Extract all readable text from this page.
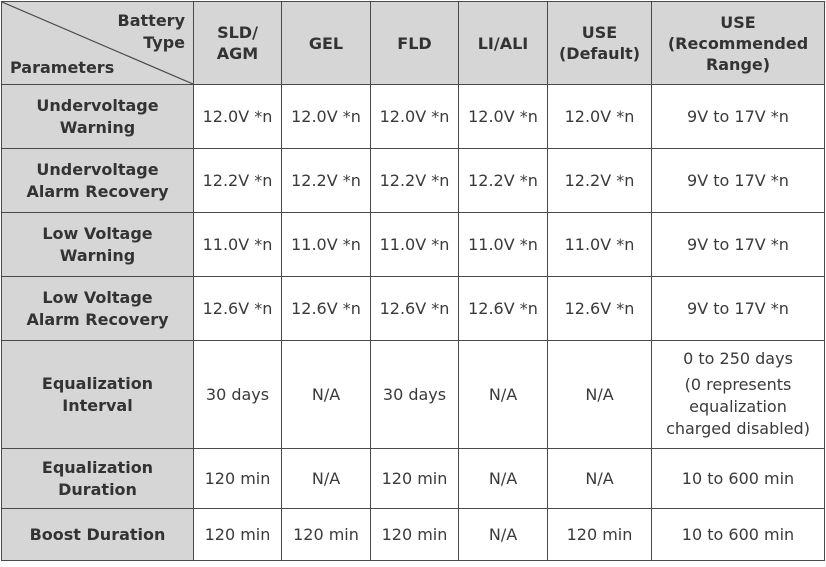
Battery Type
Parameters	SLD/ AGM	GEL	FLD	LI/ALI	USE (Default)	USE (Recommended Range)
Undervoltage Warning	12.0V *n	12.0V *n	12.0V *n	12.0V *n	12.0V *n	9V to 17V *n
Undervoltage Alarm Recovery	12.2V *n	12.2V *n	12.2V *n	12.2V *n	12.2V *n	9V to 17V *n
Low Voltage Warning	11.0V *n	11.0V *n	11.0V *n	11.0V *n	11.0V *n	9V to 17V *n
Low Voltage Alarm Recovery	12.6V *n	12.6V *n	12.6V *n	12.6V *n	12.6V *n	9V to 17V *n
Equalization Interval	30 days	N/A	30 days	N/A	N/A	0 to 250 days
(0 represents equalization charged disabled)

Equalization Duration	120 min	N/A	120 min	N/A	N/A	10 to 600 min
Boost Duration	120 min	120 min	120 min	N/A	120 min	10 to 600 min
